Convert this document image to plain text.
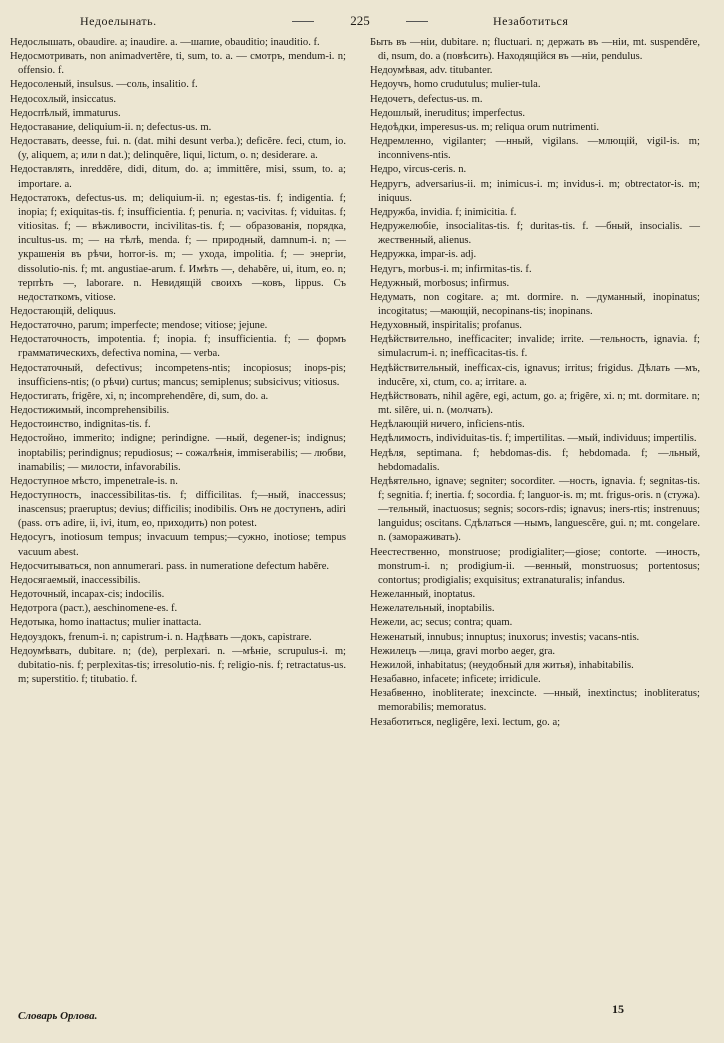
Недоелынать.	225	Незаботиться

Недослышать, obaudire. a; inaudire. a. —шапие, obauditio; inauditio. f.

Недосмотривать, non animadvertĕre, ti, sum, to. a. — смотръ, mendum-i. n; offensio. f.

Недосоленый, insulsus. —соль, insalitio. f.

Недосохлый, insiccatus.

Недоспѣлый, immaturus.

Недоставание, deliquium-ii. n; defectus-us. m.

Недоставать, deesse, fui. n. (dat. mihi desunt verba.); deficĕre. feci, ctum, io. (y, aliquem, a; или n dat.); delinquĕre, liqui, lictum, o. n; desiderare. a.

Недоставлять, inreddĕre, didi, ditum, do. a; immittĕre, misi, ssum, to. a; importare. a.

Недостатокъ, defectus-us. m; deliquium-ii. n; egestas-tis. f; indigentia. f; inopia; f; exiquitas-tis. f; insufficientia. f; penuria. n; vacivitas. f; viduitas. f; vitiositas. f; — вѣжливости, incivilitas-tis. f; — образованія, порядка, incultus-us. m; — на тѣлѣ, menda. f; — природный, damnum-i. n; — украшенія въ рѣчи, horror-is. m; — ухода, impolitia. f; — энергіи, dissolutio-nis. f; mt. angustiae-arum. f. Имѣть —, dehabĕre, ui, itum, eo. n; терпѣть —, laborare. n. Невидящій своихъ —ковъ, lippus. Съ недостаткомъ, vitiose.

Недостающій, deliquus.

Недостаточно, parum; imperfecte; mendose; vitiose; jejune.

Недостаточность, impotentia. f; inopia. f; insufficientia. f; — формъ грамматическихъ, defectiva nomina, — verba.

Недостаточный, defectivus; incompetens-ntis; incopiosus; inops-pis; insufficiens-ntis; (о рѣчи) curtus; mancus; semiplenus; subsicivus; vitiosus.

Недостигать, frigĕre, xi, n; incomprehendĕre, di, sum, do. a.

Недостижимый, incomprehensibilis.

Недостоинство, indignitas-tis. f.

Недостойно, immerito; indigne; perindigne. —ный, degener-is; indignus; inoptabilis; perindignus; repudiosus; -- сожалѣнія, immiserabilis; — любви, inamabilis; — милости, infavorabilis.

Недоступное мѣсто, impenetrale-is. n.

Недоступность, inaccessibilitas-tis. f; difficilitas. f;—ный, inaccessus; inascensus; praeruptus; devius; difficilis; inodibilis. Онъ не доступенъ, adiri (pass. отъ adire, ii, ivi, itum, eo, приходить) non potest.

Недосугъ, inotiosum tempus; invacuum tempus;—сужно, inotiose; tempus vacuum abest.

Недосчитываться, non annumerari. pass. in numeratione defectum habēre.

Недосягаемый, inaccessibilis.

Недоточный, incapax-cis; indocilis.

Недотрога (раст.), aeschinomene-es. f.

Недотыка, homo inattactus; mulier inattacta.

Недоуздокъ, frenum-i. n; capistrum-i. n. Надѣвать —докъ, capistrare.

Недоумѣвать, dubitare. n; (de), perplexari. n. —мѣніе, scrupulus-i. m; dubitatio-nis. f; perplexitas-tis; irresolutio-nis. f; religio-nis. f; retractatus-us. m; superstitio. f; titubatio. f.

Быть въ —ніи, dubitare. n; fluctuari. n; держать въ —ніи, mt. suspendĕre, di, nsum, do. a (повѣсить). Находящійся въ —ніи, pendulus.

Недоумѣвая, adv. titubanter.

Недоучъ, homo crudutulus; mulier-tula.

Недочетъ, defectus-us. m.

Недошлый, ineruditus; imperfectus.

Недоѣдки, imperesus-us. m; reliqua orum nutrimenti.

Недремленно, vigilanter; —нный, vigilans. —млющій, vigil-is. m; inconnivens-ntis.

Недро, vircus-ceris. n.

Недругъ, adversarius-ii. m; inimicus-i. m; invidus-i. m; obtrectator-is. m; iniquus.

Недружба, invidia. f; inimicitia. f.

Недружелюбіе, insocialitas-tis. f; duritas-tis. f. —бный, insocialis. —жественный, alienus.

Недружка, impar-is. adj.

Недугъ, morbus-i. m; infirmitas-tis. f.

Недужный, morbosus; infirmus.

Недумать, non cogitare. a; mt. dormire. n. —думанный, inopinatus; incogitatus; —мающій, necopinans-tis; inopinans.

Недуховный, inspiritalis; profanus.

Недѣйствительно, inefficaciter; invalide; irrite. —тельность, ignavia. f; simulacrum-i. n; inefficacitas-tis. f.

Недѣйствительный, inefficax-cis, ignavus; irritus; frigidus. Дѣлать —мъ, inducĕre, xi, ctum, co. a; irritare. a.

Недѣйствовать, nihil agĕre, egi, actum, go. a; frigĕre, xi. n; mt. dormitare. n; mt. silĕre, ui. n. (молчать).

Недѣлающій ничего, inficiens-ntis.

Недѣлимость, individuitas-tis. f; impertilitas. —мый, individuus; impertilis.

Недѣля, septimana. f; hebdomas-dis. f; hebdomada. f; —льный, hebdomadalis.

Недѣятельно, ignave; segniter; socorditer. —ность, ignavia. f; segnitas-tis. f; segnitia. f; inertia. f; socordia. f; languor-is. m; mt. frigus-oris. n (стужа). —тельный, inactuosus; segnis; socors-rdis; ignavus; iners-rtis; instrenuus; languidus; oscitans. Сдѣлаться —нымъ, languescĕre, gui. n; mt. congelare. n. (замораживать).

Неестественно, monstruose; prodigialiter;—giose; contorte. —иность, monstrum-i. n; prodigium-ii. —венный, monstruosus; portentosus; contortus; prodigialis; exquisitus; extranaturalis; infandus.

Нежеланный, inoptatus.

Нежелательный, inoptabilis.

Нежели, ac; secus; contra; quam.

Неженатый, innubus; innuptus; inuxorus; investis; vacans-ntis.

Нежилецъ —лица, gravi morbo aeger, gra.

Нежилой, inhabitatus; (неудобный для житья), inhabitabilis.

Незабавно, infacete; inficete; irridicule.

Незабвенно, inobliterate; inexcincte. —нный, inextinctus; inobliteratus; memorabilis; memoratus.

Незаботиться, negligĕre, lexi. lectum, go. a;

Словарь Орлова.	15
